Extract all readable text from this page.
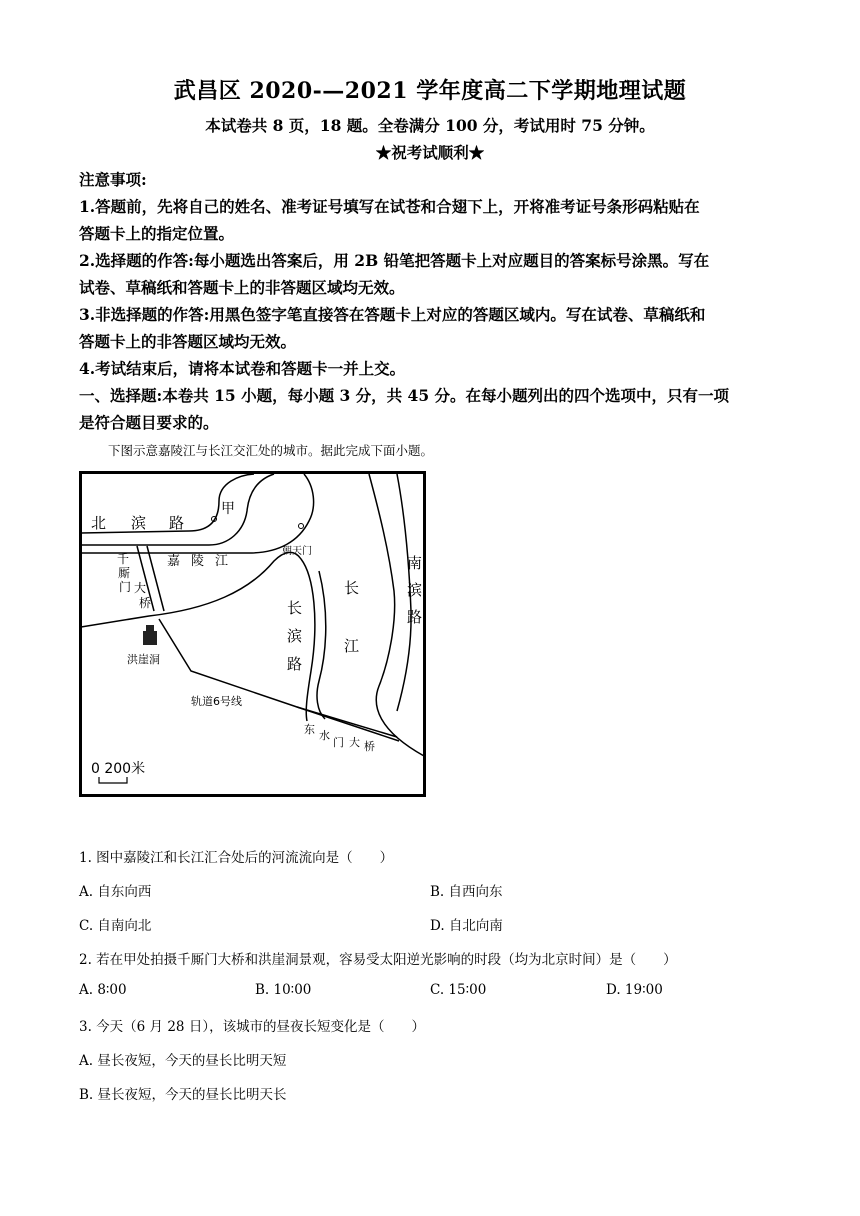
武昌区 2020-—2021 学年度高二下学期地理试题
本试卷共 8 页，18 题。全卷满分 100 分，考试用时 75 分钟。
★祝考试顺利★

注意事项:

1.答题前，先将自己的姓名、准考证号填写在试苍和合翅下上，开将准考证号条形码粘贴在

答题卡上的指定位置。

2.选择题的作答:每小题选出答案后，用 2B 铅笔把答题卡上对应题目的答案标号涂黑。写在

试卷、草稿纸和答题卡上的非答题区域均无效。

3.非选择题的作答:用黑色签字笔直接答在答题卡上对应的答题区域内。写在试卷、草稿纸和

答题卡上的非答题区域均无效。

4.考试结束后，请将本试卷和答题卡一并上交。

一、选择题:本卷共 15 小题，每小题 3 分，共 45 分。在每小题列出的四个选项中，只有一项

是符合题目要求的。

下图示意嘉陵江与长江交汇处的城市。据此完成下面小题。
北 滨 路
甲
嘉 陵 江
朝天门
长
江
南
滨
路
千
厮
门 大
桥
洪崖洞
长
滨
路
轨道6号线
东 水
门 大 桥
0 200米
1. 图中嘉陵江和长江汇合处后的河流流向是（　　）
A. 自东向西	B. 自西向东
C. 自南向北	D. 自北向南
2. 若在甲处拍摄千厮门大桥和洪崖洞景观，容易受太阳逆光影响的时段（均为北京时间）是（　　）
A. 8∶00	B. 10∶00	C. 15∶00	D. 19∶00
3. 今天（6 月 28 日），该城市的昼夜长短变化是（　　）
A. 昼长夜短，今天的昼长比明天短
B. 昼长夜短，今天的昼长比明天长
